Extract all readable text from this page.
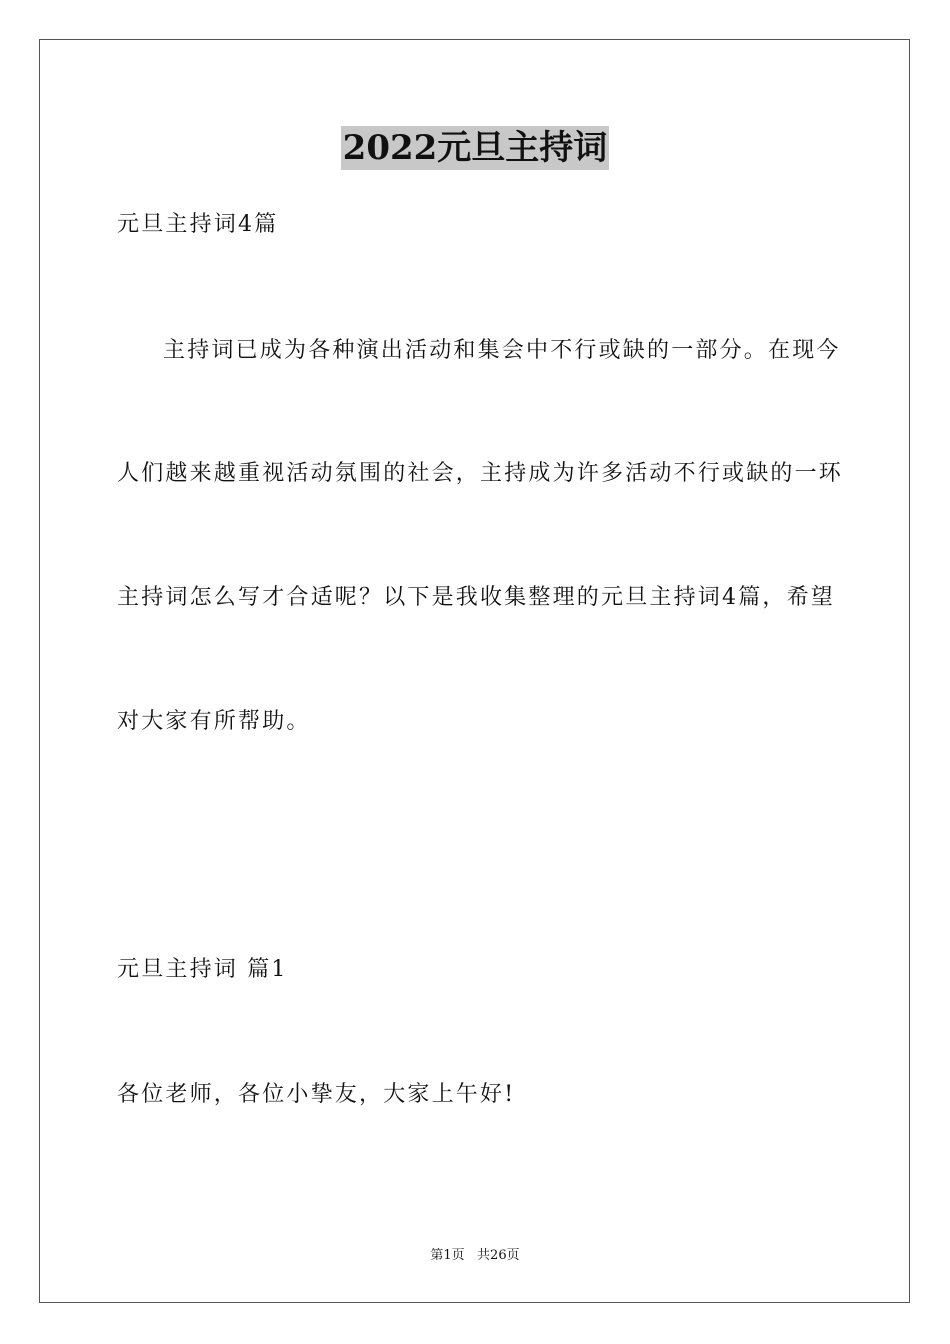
2022元旦主持词
元旦主持词4篇
主持词已成为各种演出活动和集会中不行或缺的一部分。在现今
人们越来越重视活动氛围的社会，主持成为许多活动不行或缺的一环
主持词怎么写才合适呢？以下是我收集整理的元旦主持词4篇，希望
对大家有所帮助。
元旦主持词 篇1
各位老师，各位小挚友，大家上午好!
第1页   共26页
